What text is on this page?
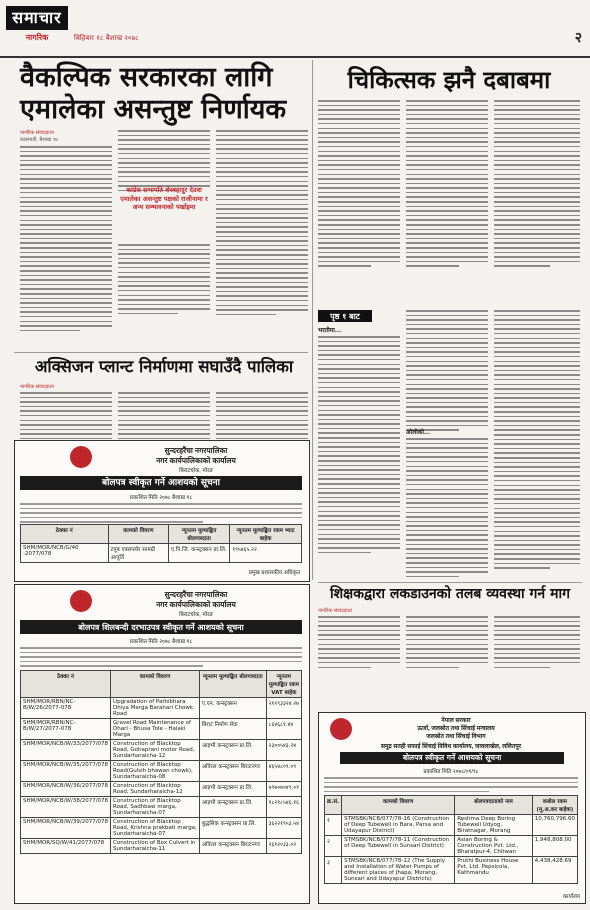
समाचार
नागरिक	बिहिबार १८ बैशाख २०७८	२
वैकल्पिक सरकारका लागि एमालेका असन्तुष्ट निर्णायक
नागरिक संवाददाता
काठमाडौं, बैशाख १७
कांग्रेस सभापति शेरबहादुर देउवा एमालेका असन्तुष्ट पक्षको राजीनामा र अन्य सम्भावनाको पर्खाइमा
चिकित्सक झनै दबाबमा
पृष्ठ १ बाट
भरतीमा...
ओलीको...
अक्सिजन प्लान्ट निर्माणमा सघाउँदै पालिका
नागरिक संवाददाता
सुन्दरहरैंचा नगरपालिका
नगर कार्यपालिकाको कार्यालय
बिराटचोक, मोरङ
बोलपत्र स्वीकृत गर्ने आशयको सूचना
प्रकाशित मिति २०७८ बैशाख १८
ठेक्का नं	कामको विवरण	न्यूनतम मूल्याङ्कित बोलपत्रदाता	न्यूनतम मूल्याङ्कित रकम भ्याट बाहेक
SHM/MOR/NCB/G/40 -2077/078	टयुब एक्सप्लोर सामग्री आपूर्ति	ए.पि.जि. कन्स्ट्रक्सन प्रा.लि.	१९५४६५.२२
प्रमुख प्रशासकीय अधिकृत
शिक्षकद्वारा लकडाउनको तलब व्यवस्था गर्न माग
नागरिक संवाददाता
सुन्दरहरैंचा नगरपालिका
नगर कार्यपालिकाको कार्यालय
बिराटचोक, मोरङ
बोलपत्र शिलबन्दी दरभाउपत्र स्वीकृत गर्ने आशयको सूचना
प्रकाशित मिति २०७८ बैशाख १८
ठेक्का नं	कामको विवरण	न्यूनतम मूल्याङ्कित बोलपत्रदाता	न्यूनतम मूल्याङ्कित रकम VAT बाहेक
SHM/MOR/RBN/NC-B/W/26/2077-078	Upgradation of Pathibhara Dhiya Marga Barahari Chowk Road	ए.एन. कन्स्ट्रक्सन	२१२९३३२४.२७
SHM/MOR/RBN/NC-B/W/27/2077-078	Gravel Road Maintenance of Dhari - Bhusa Tole - Halaki Marga	बिराट निर्माण सेवा	८६४६८१.४४
SHM/MOR/NCB/W/33/2077/078	Construction of Blacktop Road, Gohaprani motor Road, Sundarharaicha-12	आइभी कन्स्ट्रक्सन प्रा.लि.	२३००५४३.२४
SHM/MOR/NCB/W/35/2077/078	Construction of Blacktop Road(Gulsih bhawan chowk), Sundarharaicha-08	अविरल कन्स्ट्रक्सन बिराटनगर	४६५४८०९.०९
SHM/MOR/NCB/W/36/2077/078	Construction of Blacktop Road, Sundarharaicha-12	आइभी कन्स्ट्रक्सन प्रा.लि.	७९७०७०४९.०१
SHM/MOR/NCB/W/38/2077/078	Construction of Blacktop Road, Sadhbaw marga, Sundarharaicha-07	आइभी कन्स्ट्रक्सन प्रा.लि.	१८२१८५४६.१६
SHM/MOR/NCB/W/39/2077/078	Construction of Blacktop Road, Krishna prakbati marga, Sundarharaicha-07	बुद्धसिक कन्स्ट्रक्सन प्रा.लि.	३६२२१९५३.५४
SHM/MOR/SQ/W/41/2077/078	Construction of Box Culvert in Sundarharaicha-11	अविरल कन्स्ट्रक्सन बिराटनगर	२६१२०३३.०२
नेपाल सरकार
ऊर्जा, जलस्रोत तथा सिंचाई मन्त्रालय
जलस्रोत तथा सिंचाई विभाग
समुद्र सतही सफाई सिंचाई विविध कार्यालय, जावलाखेल, ललितपुर
बोलपत्र स्वीकृत गर्ने आशयको सूचना
प्रकाशित मिति २०७८/०१/१८
क्र.सं.	कामको विवरण	बोलपत्रदाताको नाम	कबोल रकम (मू.अ.कर बाहेक)
१	STMSBK/NCB/077/78-16 (Construction of Deep Tubewell in Bara, Parsa and Udayapur District)	Reshma Deep Boring Tubewell Udyog, Biratnagar, Morang	10,760,796.60
२	STMSBK/NCB/077/78-11 (Construction of Deep Tubewell in Sunsari District)	Asian Boring & Construction Pvt. Ltd., Bharatpur-4, Chitwan	1,948,808.00
३	STMSBK/NCB/077/78-12 (The Supply and Installation of Water Pumps of different places of Jhapa, Morang, Sunsari and Udayapur Districts)	Pruthi Business House Pvt. Ltd. Pepsicola, Kathmandu	4,438,428.69
कार्यालय
